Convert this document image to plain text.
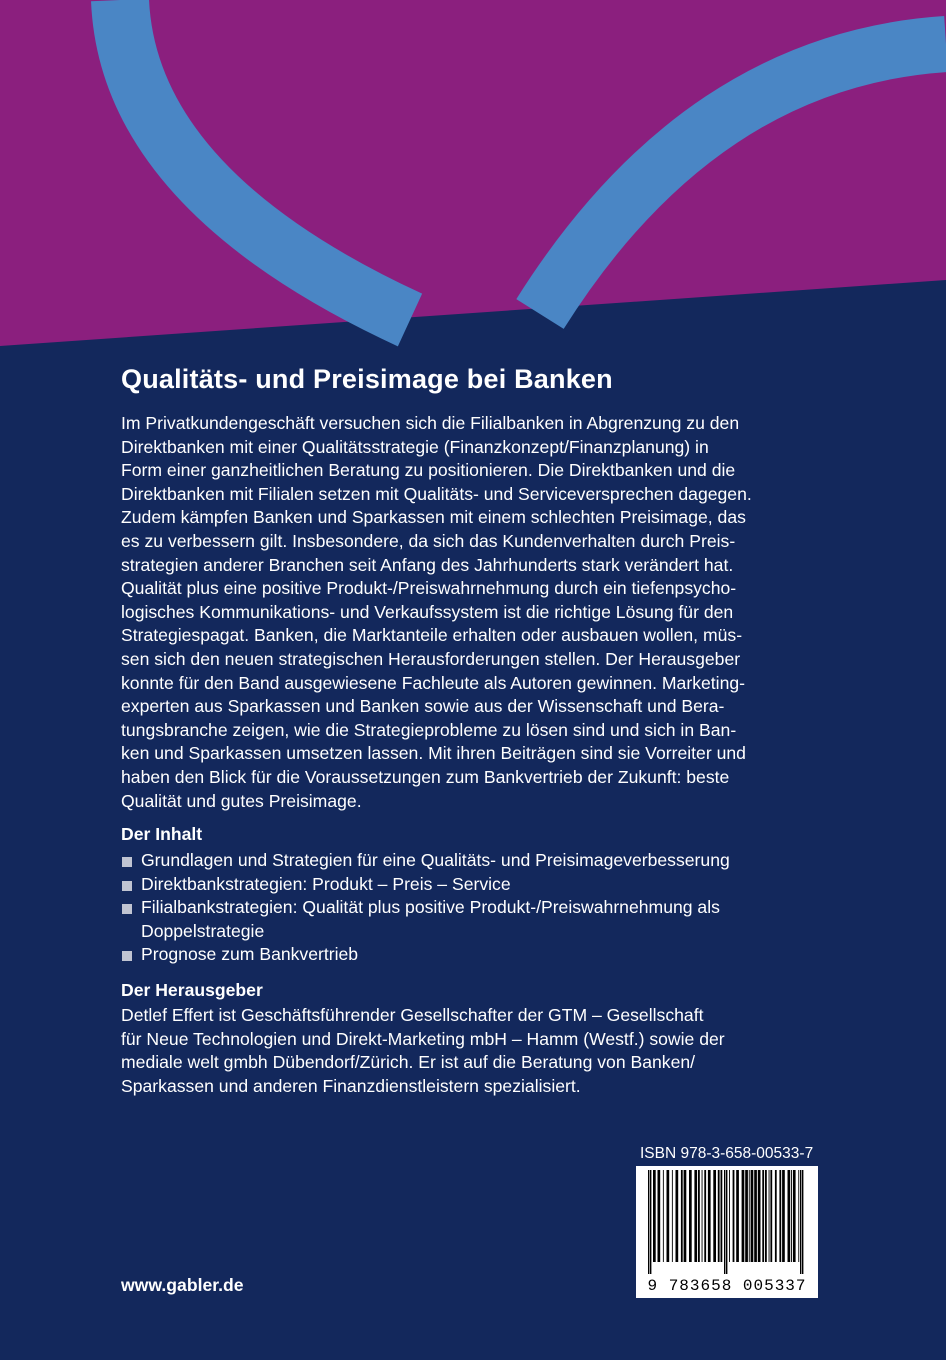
Qualitäts- und Preisimage bei Banken
Im Privatkundengeschäft versuchen sich die Filialbanken in Abgrenzung zu den
Direktbanken mit einer Qualitätsstrategie (Finanzkonzept/Finanzplanung) in
Form einer ganzheitlichen Beratung zu positionieren. Die Direktbanken und die
Direktbanken mit Filialen setzen mit Qualitäts- und Serviceversprechen dagegen.
Zudem kämpfen Banken und Sparkassen mit einem schlechten Preisimage, das
es zu verbessern gilt. Insbesondere, da sich das Kundenverhalten durch Preis-
strategien anderer Branchen seit Anfang des Jahrhunderts stark verändert hat.
Qualität plus eine positive Produkt-/Preiswahrnehmung durch ein tiefenpsycho-
logisches Kommunikations- und Verkaufssystem ist die richtige Lösung für den
Strategiespagat. Banken, die Marktanteile erhalten oder ausbauen wollen, müs-
sen sich den neuen strategischen Herausforderungen stellen. Der Herausgeber
konnte für den Band ausgewiesene Fachleute als Autoren gewinnen. Marketing-
experten aus Sparkassen und Banken sowie aus der Wissenschaft und Bera-
tungsbranche zeigen, wie die Strategieprobleme zu lösen sind und sich in Ban-
ken und Sparkassen umsetzen lassen. Mit ihren Beiträgen sind sie Vorreiter und
haben den Blick für die Voraussetzungen zum Bankvertrieb der Zukunft: beste
Qualität und gutes Preisimage.
Der Inhalt
Grundlagen und Strategien für eine Qualitäts- und Preisimageverbesserung
Direktbankstrategien: Produkt – Preis – Service
Filialbankstrategien: Qualität plus positive Produkt-/Preiswahrnehmung als
Doppelstrategie
Prognose zum Bankvertrieb
Der Herausgeber
Detlef Effert ist Geschäftsführender Gesellschafter der GTM – Gesellschaft
für Neue Technologien und Direkt-Marketing mbH – Hamm (Westf.) sowie der
mediale welt gmbh Dübendorf/Zürich. Er ist auf die Beratung von Banken/
Sparkassen und anderen Finanzdienstleistern spezialisiert.
ISBN 978-3-658-00533-7
9 783658 005337
www.gabler.de
